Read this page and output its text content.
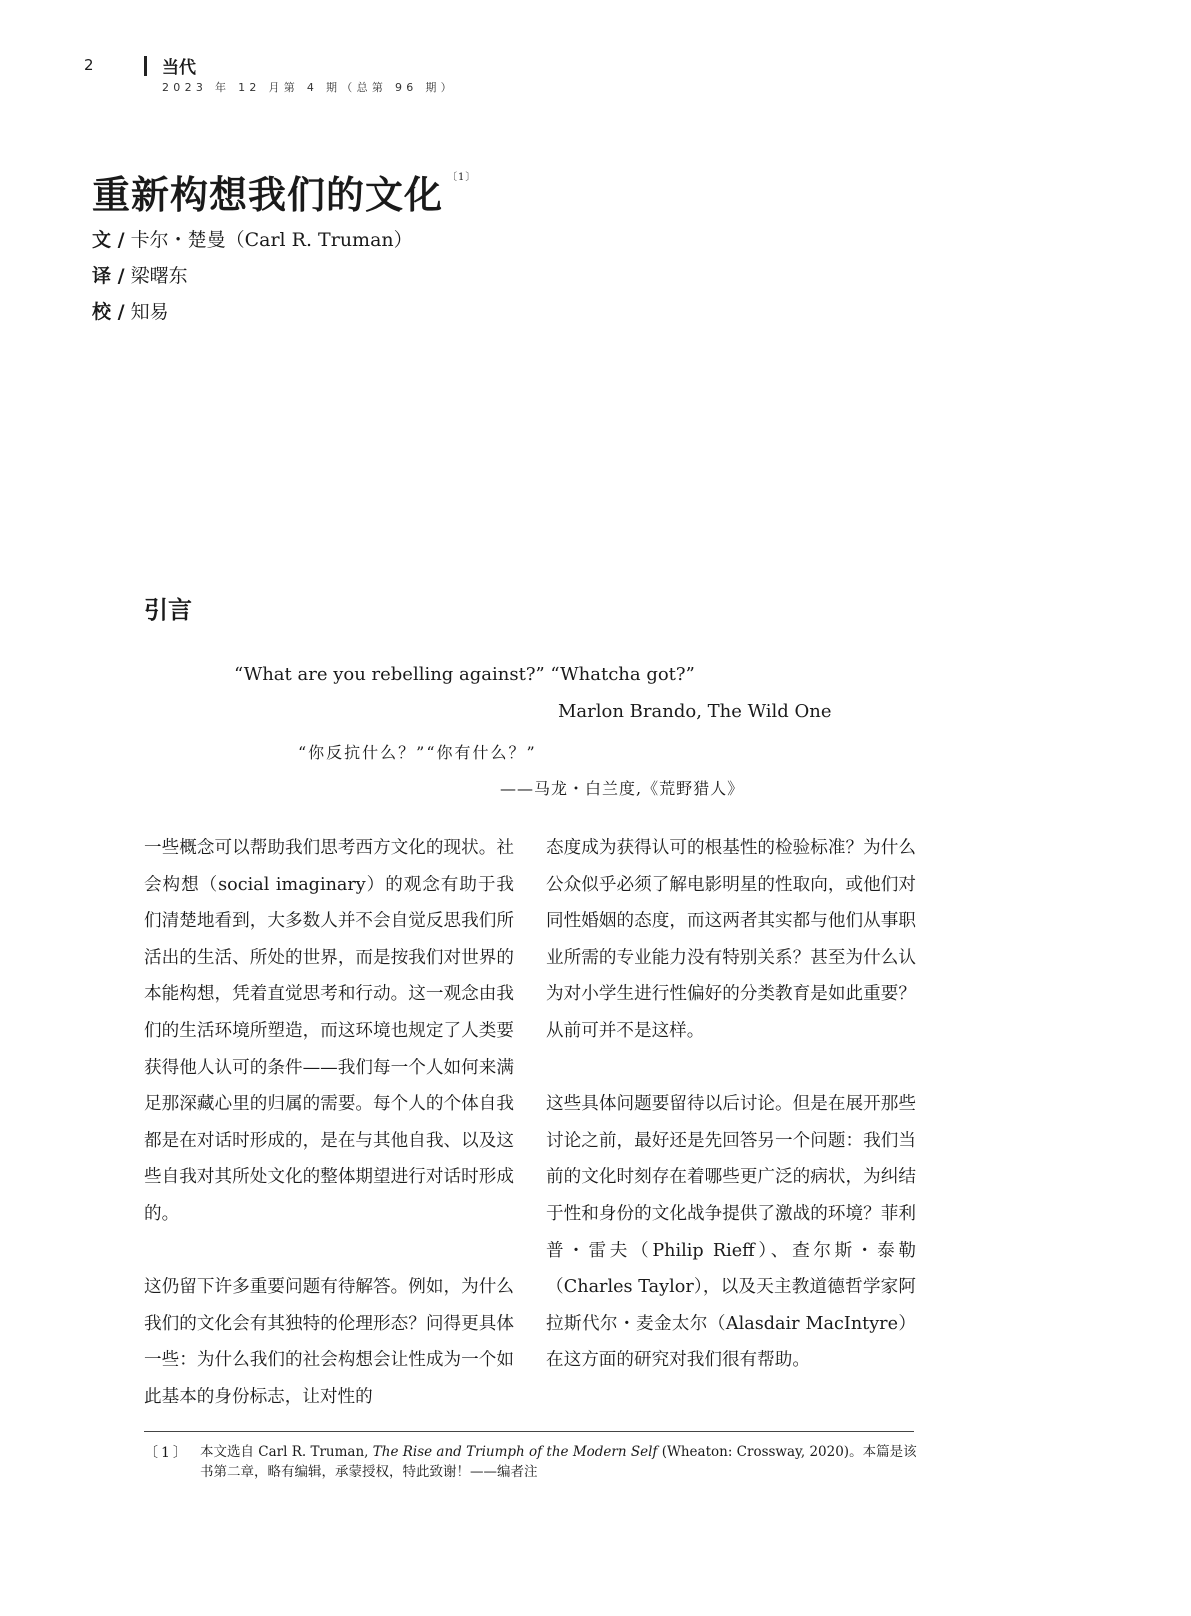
2	当代
2023 年 12 月第 4 期（总第 96 期）
重新构想我们的文化 $^{〔1〕}$
文 / 卡尔・楚曼（Carl R. Truman）
译 / 梁曙东
校 / 知易
引言
“What are you rebelling against?” “Whatcha got?”
Marlon Brando, The Wild One
“你反抗什么？”“你有什么？”
——马龙・白兰度,《荒野猎人》

一些概念可以帮助我们思考西方文化的现状。社会构想（social imaginary）的观念有助于我们清楚地看到，大多数人并不会自觉反思我们所活出的生活、所处的世界，而是按我们对世界的本能构想，凭着直觉思考和行动。这一观念由我们的生活环境所塑造，而这环境也规定了人类要获得他人认可的条件——我们每一个人如何来满足那深藏心里的归属的需要。每个人的个体自我都是在对话时形成的，是在与其他自我、以及这些自我对其所处文化的整体期望进行对话时形成的。

这仍留下许多重要问题有待解答。例如，为什么我们的文化会有其独特的伦理形态？问得更具体一些：为什么我们的社会构想会让性成为一个如此基本的身份标志，让对性的

态度成为获得认可的根基性的检验标准？为什么公众似乎必须了解电影明星的性取向，或他们对同性婚姻的态度，而这两者其实都与他们从事职业所需的专业能力没有特别关系？甚至为什么认为对小学生进行性偏好的分类教育是如此重要？从前可并不是这样。

这些具体问题要留待以后讨论。但是在展开那些讨论之前，最好还是先回答另一个问题：我们当前的文化时刻存在着哪些更广泛的病状，为纠结于性和身份的文化战争提供了激战的环境？菲利普・雷夫（Philip Rieff）、查尔斯・泰勒（Charles Taylor），以及天主教道德哲学家阿拉斯代尔・麦金太尔（Alasdair MacIntyre）在这方面的研究对我们很有帮助。

〔1〕 本文选自 Carl R. Truman, The Rise and Triumph of the Modern Self (Wheaton: Crossway, 2020)。本篇是该书第二章，略有编辑，承蒙授权，特此致谢！——编者注
